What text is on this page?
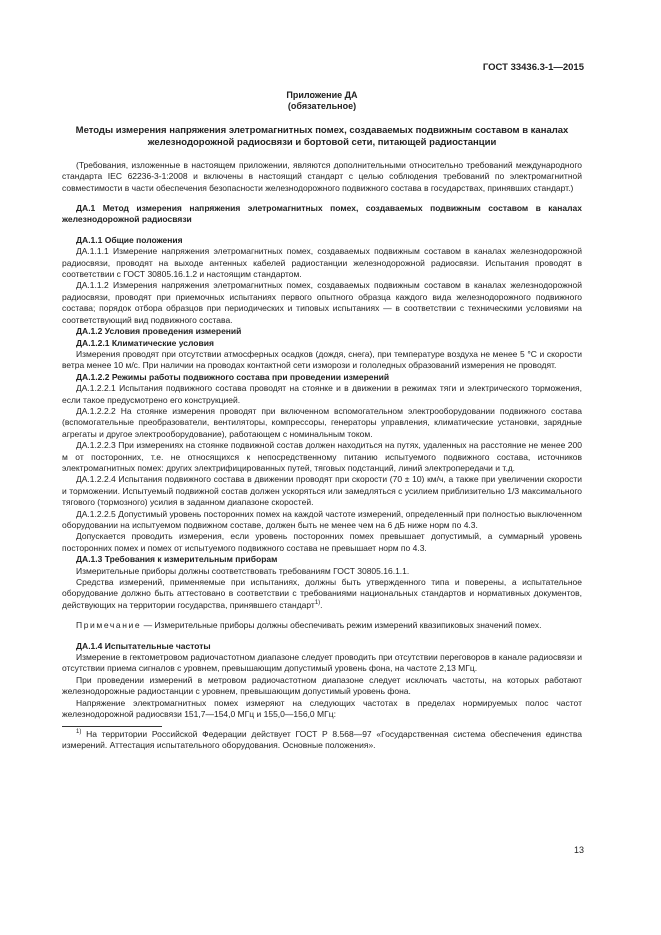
ГОСТ 33436.3-1—2015
Приложение ДА
(обязательное)
Методы измерения напряжения элетромагнитных помех, создаваемых подвижным составом в каналах железнодорожной радиосвязи и бортовой сети, питающей радиостанции

(Требования, изложенные в настоящем приложении, являются дополнительными относительно требований международного стандарта IEC 62236-3-1:2008 и включены в настоящий стандарт с целью соблюдения требований по электромагнитной совместимости в части обеспечения безопасности железнодорожного подвижного состава в государствах, принявших стандарт.)

ДА.1 Метод измерения напряжения элетромагнитных помех, создаваемых подвижным составом в каналах железнодорожной радиосвязи

ДА.1.1 Общие положения

ДА.1.1.1 Измерение напряжения элетромагнитных помех, создаваемых подвижным составом в каналах железнодорожной радиосвязи, проводят на выходе антенных кабелей радиостанции железнодорожной радиосвязи. Испытания проводят в соответствии с ГОСТ 30805.16.1.2 и настоящим стандартом.

ДА.1.1.2 Измерения напряжения элетромагнитных помех, создаваемых подвижным составом в каналах железнодорожной радиосвязи, проводят при приемочных испытаниях первого опытного образца каждого вида железнодорожного подвижного состава; порядок отбора образцов при периодических и типовых испытаниях — в соответствии с техническими условиями на соответствующий вид подвижного состава.

ДА.1.2 Условия проведения измерений
ДА.1.2.1 Климатические условия

Измерения проводят при отсутствии атмосферных осадков (дождя, снега), при температуре воздуха не менее 5 °С и скорости ветра менее 10 м/с. При наличии на проводах контактной сети изморози и гололедных образований измерения не проводят.

ДА.1.2.2 Режимы работы подвижного состава при проведении измерений

ДА.1.2.2.1 Испытания подвижного состава проводят на стоянке и в движении в режимах тяги и электрического торможения, если такое предусмотрено его конструкцией.

ДА.1.2.2.2 На стоянке измерения проводят при включенном вспомогательном электрооборудовании подвижного состава (вспомогательные преобразователи, вентиляторы, компрессоры, генераторы управления, климатические установки, зарядные агрегаты и другое электрооборудование), работающем с номинальным током.

ДА.1.2.2.3 При измерениях на стоянке подвижной состав должен находиться на путях, удаленных на расстояние не менее 200 м от посторонних, т.е. не относящихся к непосредственному питанию испытуемого подвижного состава, источников электромагнитных помех: других электрифицированных путей, тяговых подстанций, линий электропередачи и т.д.

ДА.1.2.2.4 Испытания подвижного состава в движении проводят при скорости (70 ± 10) км/ч, а также при увеличении скорости и торможении. Испытуемый подвижной состав должен ускоряться или замедляться с усилием приблизительно 1/3 максимального тягового (тормозного) усилия в заданном диапазоне скоростей.

ДА.1.2.2.5 Допустимый уровень посторонних помех на каждой частоте измерений, определенный при полностью выключенном оборудовании на испытуемом подвижном составе, должен быть не менее чем на 6 дБ ниже норм по 4.3.

Допускается проводить измерения, если уровень посторонних помех превышает допустимый, а суммарный уровень посторонних помех и помех от испытуемого подвижного состава не превышает норм по 4.3.

ДА.1.3 Требования к измерительным приборам

Измерительные приборы должны соответствовать требованиям ГОСТ 30805.16.1.1.

Средства измерений, применяемые при испытаниях, должны быть утвержденного типа и поверены, а испытательное оборудование должно быть аттестовано в соответствии с требованиями национальных стандартов и нормативных документов, действующих на территории государства, принявшего стандарт$^{1)}$.

Примечание — Измерительные приборы должны обеспечивать режим измерений квазипиковых значений помех.

ДА.1.4 Испытательные частоты

Измерение в гектометровом радиочастотном диапазоне следует проводить при отсутствии переговоров в канале радиосвязи и отсутствии приема сигналов с уровнем, превышающим допустимый уровень фона, на частоте 2,13 МГц.

При проведении измерений в метровом радиочастотном диапазоне следует исключать частоты, на которых работают железнодорожные радиостанции с уровнем, превышающим допустимый уровень фона.

Напряжение электромагнитных помех измеряют на следующих частотах в пределах нормируемых полос частот железнодорожной радиосвязи 151,7—154,0 МГц и 155,0—156,0 МГц:

$^{1)}$ На территории Российской Федерации действует ГОСТ Р 8.568—97 «Государственная система обеспечения единства измерений. Аттестация испытательного оборудования. Основные положения».

13
